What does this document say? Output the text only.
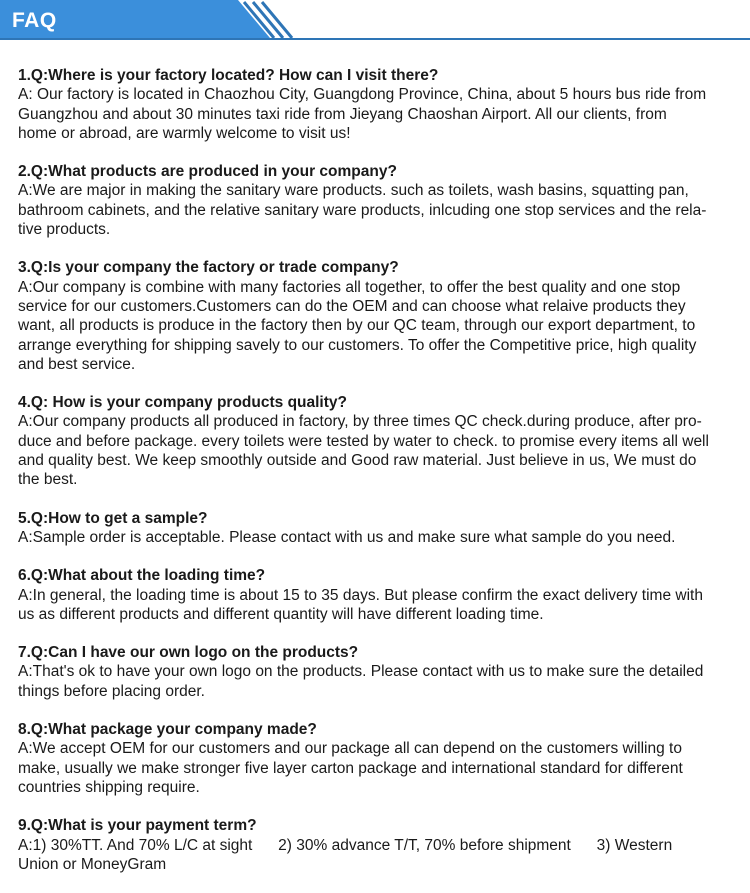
FAQ
1.Q:Where is your factory located? How can I visit there?
A: Our factory is located in Chaozhou City, Guangdong Province, China, about 5 hours bus ride from
Guangzhou and about 30 minutes taxi ride from Jieyang Chaoshan Airport. All our clients, from
home or abroad, are warmly welcome to visit us!
2.Q:What products are produced in your company?
A:We are major in making the sanitary ware products. such as toilets, wash basins, squatting pan,
bathroom cabinets, and the relative sanitary ware products, inlcuding one stop services and the rela-
tive products.
3.Q:Is your company the factory or trade company?
A:Our company is combine with many factories all together, to offer the best quality and one stop
service for our customers.Customers can do the OEM and can choose what relaive products they
want, all products is produce in the factory then by our QC team, through our export department, to
arrange everything for shipping savely to our customers. To offer the Competitive price, high quality
and best service.
4.Q: How is your company products quality?
A:Our company products all produced in factory, by three times QC check.during produce, after pro-
duce and before package. every toilets were tested by water to check. to promise every items all well
and quality best. We keep smoothly outside and Good raw material. Just believe in us, We must do
the best.
5.Q:How to get a sample?
A:Sample order is acceptable. Please contact with us and make sure what sample do you need.
6.Q:What about the loading time?
A:In general, the loading time is about 15 to 35 days. But please confirm the exact delivery time with
us as different products and different quantity will have different loading time.
7.Q:Can I have our own logo on the products?
A:That's ok to have your own logo on the products. Please contact with us to make sure the detailed
things before placing order.
8.Q:What package your company made?
A:We accept OEM for our customers and our package all can depend on the customers willing to
make, usually we make stronger five layer carton package and international standard for different
countries shipping require.
9.Q:What is your payment term?
A:1) 30%TT. And 70% L/C at sight      2) 30% advance T/T, 70% before shipment      3) Western
Union or MoneyGram
